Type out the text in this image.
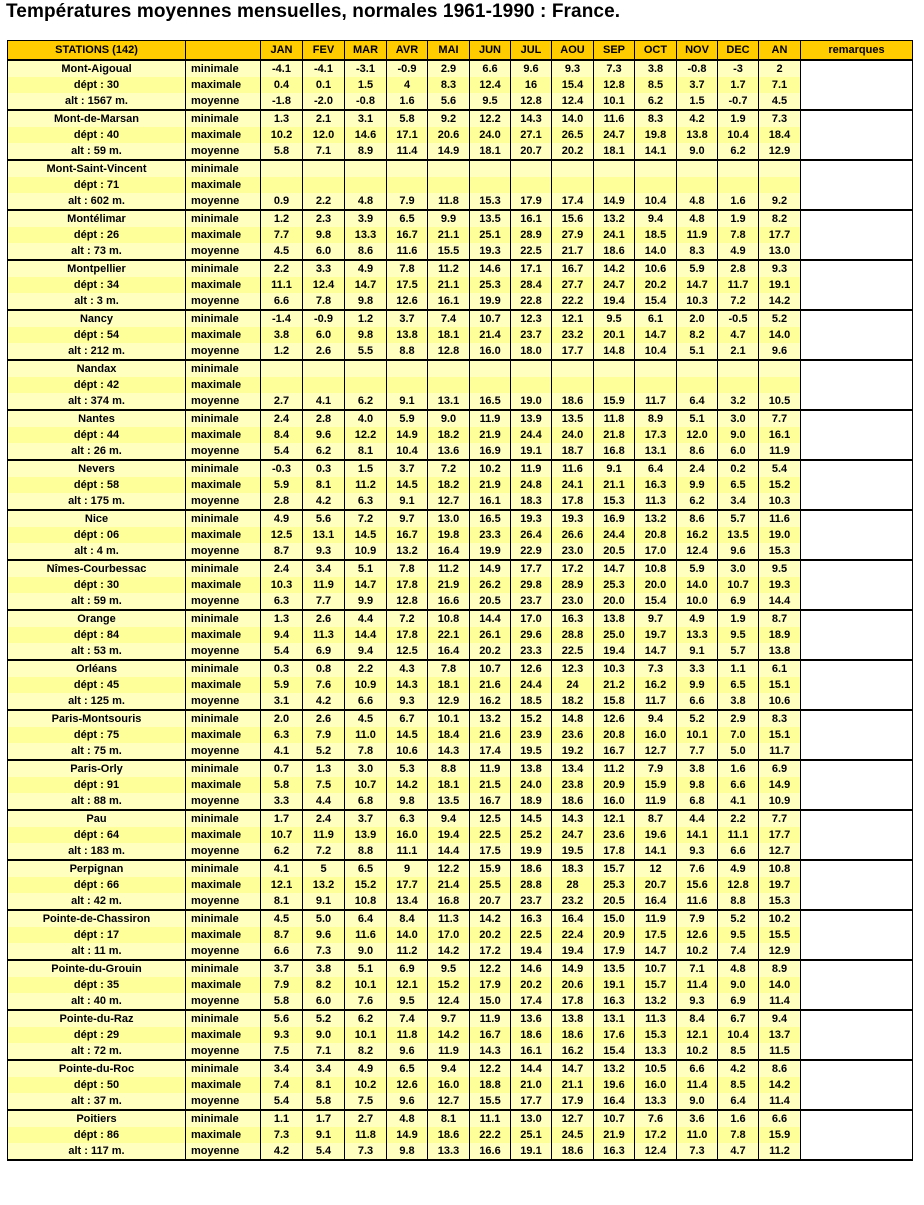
Températures moyennes mensuelles, normales 1961-1990 : France.
STATIONS (142)		JAN	FEV	MAR	AVR	MAI	JUN	JUL	AOU	SEP	OCT	NOV	DEC	AN	remarques
Mont-Aigoual	minimale	-4.1	-4.1	-3.1	-0.9	2.9	6.6	9.6	9.3	7.3	3.8	-0.8	-3	2	
dépt : 30	maximale	0.4	0.1	1.5	4	8.3	12.4	16	15.4	12.8	8.5	3.7	1.7	7.1	
alt : 1567 m.	moyenne	-1.8	-2.0	-0.8	1.6	5.6	9.5	12.8	12.4	10.1	6.2	1.5	-0.7	4.5	
Mont-de-Marsan	minimale	1.3	2.1	3.1	5.8	9.2	12.2	14.3	14.0	11.6	8.3	4.2	1.9	7.3	
dépt : 40	maximale	10.2	12.0	14.6	17.1	20.6	24.0	27.1	26.5	24.7	19.8	13.8	10.4	18.4	
alt : 59 m.	moyenne	5.8	7.1	8.9	11.4	14.9	18.1	20.7	20.2	18.1	14.1	9.0	6.2	12.9	
Mont-Saint-Vincent	minimale														
dépt : 71	maximale														
alt : 602 m.	moyenne	0.9	2.2	4.8	7.9	11.8	15.3	17.9	17.4	14.9	10.4	4.8	1.6	9.2	
Montélimar	minimale	1.2	2.3	3.9	6.5	9.9	13.5	16.1	15.6	13.2	9.4	4.8	1.9	8.2	
dépt : 26	maximale	7.7	9.8	13.3	16.7	21.1	25.1	28.9	27.9	24.1	18.5	11.9	7.8	17.7	
alt : 73 m.	moyenne	4.5	6.0	8.6	11.6	15.5	19.3	22.5	21.7	18.6	14.0	8.3	4.9	13.0	
Montpellier	minimale	2.2	3.3	4.9	7.8	11.2	14.6	17.1	16.7	14.2	10.6	5.9	2.8	9.3	
dépt : 34	maximale	11.1	12.4	14.7	17.5	21.1	25.3	28.4	27.7	24.7	20.2	14.7	11.7	19.1	
alt : 3 m.	moyenne	6.6	7.8	9.8	12.6	16.1	19.9	22.8	22.2	19.4	15.4	10.3	7.2	14.2	
Nancy	minimale	-1.4	-0.9	1.2	3.7	7.4	10.7	12.3	12.1	9.5	6.1	2.0	-0.5	5.2	
dépt : 54	maximale	3.8	6.0	9.8	13.8	18.1	21.4	23.7	23.2	20.1	14.7	8.2	4.7	14.0	
alt : 212 m.	moyenne	1.2	2.6	5.5	8.8	12.8	16.0	18.0	17.7	14.8	10.4	5.1	2.1	9.6	
Nandax	minimale														
dépt : 42	maximale														
alt : 374 m.	moyenne	2.7	4.1	6.2	9.1	13.1	16.5	19.0	18.6	15.9	11.7	6.4	3.2	10.5	
Nantes	minimale	2.4	2.8	4.0	5.9	9.0	11.9	13.9	13.5	11.8	8.9	5.1	3.0	7.7	
dépt : 44	maximale	8.4	9.6	12.2	14.9	18.2	21.9	24.4	24.0	21.8	17.3	12.0	9.0	16.1	
alt : 26 m.	moyenne	5.4	6.2	8.1	10.4	13.6	16.9	19.1	18.7	16.8	13.1	8.6	6.0	11.9	
Nevers	minimale	-0.3	0.3	1.5	3.7	7.2	10.2	11.9	11.6	9.1	6.4	2.4	0.2	5.4	
dépt : 58	maximale	5.9	8.1	11.2	14.5	18.2	21.9	24.8	24.1	21.1	16.3	9.9	6.5	15.2	
alt : 175 m.	moyenne	2.8	4.2	6.3	9.1	12.7	16.1	18.3	17.8	15.3	11.3	6.2	3.4	10.3	
Nice	minimale	4.9	5.6	7.2	9.7	13.0	16.5	19.3	19.3	16.9	13.2	8.6	5.7	11.6	
dépt : 06	maximale	12.5	13.1	14.5	16.7	19.8	23.3	26.4	26.6	24.4	20.8	16.2	13.5	19.0	
alt : 4 m.	moyenne	8.7	9.3	10.9	13.2	16.4	19.9	22.9	23.0	20.5	17.0	12.4	9.6	15.3	
Nîmes-Courbessac	minimale	2.4	3.4	5.1	7.8	11.2	14.9	17.7	17.2	14.7	10.8	5.9	3.0	9.5	
dépt : 30	maximale	10.3	11.9	14.7	17.8	21.9	26.2	29.8	28.9	25.3	20.0	14.0	10.7	19.3	
alt : 59 m.	moyenne	6.3	7.7	9.9	12.8	16.6	20.5	23.7	23.0	20.0	15.4	10.0	6.9	14.4	
Orange	minimale	1.3	2.6	4.4	7.2	10.8	14.4	17.0	16.3	13.8	9.7	4.9	1.9	8.7	
dépt : 84	maximale	9.4	11.3	14.4	17.8	22.1	26.1	29.6	28.8	25.0	19.7	13.3	9.5	18.9	
alt : 53 m.	moyenne	5.4	6.9	9.4	12.5	16.4	20.2	23.3	22.5	19.4	14.7	9.1	5.7	13.8	
Orléans	minimale	0.3	0.8	2.2	4.3	7.8	10.7	12.6	12.3	10.3	7.3	3.3	1.1	6.1	
dépt : 45	maximale	5.9	7.6	10.9	14.3	18.1	21.6	24.4	24	21.2	16.2	9.9	6.5	15.1	
alt : 125 m.	moyenne	3.1	4.2	6.6	9.3	12.9	16.2	18.5	18.2	15.8	11.7	6.6	3.8	10.6	
Paris-Montsouris	minimale	2.0	2.6	4.5	6.7	10.1	13.2	15.2	14.8	12.6	9.4	5.2	2.9	8.3	
dépt : 75	maximale	6.3	7.9	11.0	14.5	18.4	21.6	23.9	23.6	20.8	16.0	10.1	7.0	15.1	
alt : 75 m.	moyenne	4.1	5.2	7.8	10.6	14.3	17.4	19.5	19.2	16.7	12.7	7.7	5.0	11.7	
Paris-Orly	minimale	0.7	1.3	3.0	5.3	8.8	11.9	13.8	13.4	11.2	7.9	3.8	1.6	6.9	
dépt : 91	maximale	5.8	7.5	10.7	14.2	18.1	21.5	24.0	23.8	20.9	15.9	9.8	6.6	14.9	
alt : 88 m.	moyenne	3.3	4.4	6.8	9.8	13.5	16.7	18.9	18.6	16.0	11.9	6.8	4.1	10.9	
Pau	minimale	1.7	2.4	3.7	6.3	9.4	12.5	14.5	14.3	12.1	8.7	4.4	2.2	7.7	
dépt : 64	maximale	10.7	11.9	13.9	16.0	19.4	22.5	25.2	24.7	23.6	19.6	14.1	11.1	17.7	
alt : 183 m.	moyenne	6.2	7.2	8.8	11.1	14.4	17.5	19.9	19.5	17.8	14.1	9.3	6.6	12.7	
Perpignan	minimale	4.1	5	6.5	9	12.2	15.9	18.6	18.3	15.7	12	7.6	4.9	10.8	
dépt : 66	maximale	12.1	13.2	15.2	17.7	21.4	25.5	28.8	28	25.3	20.7	15.6	12.8	19.7	
alt : 42 m.	moyenne	8.1	9.1	10.8	13.4	16.8	20.7	23.7	23.2	20.5	16.4	11.6	8.8	15.3	
Pointe-de-Chassiron	minimale	4.5	5.0	6.4	8.4	11.3	14.2	16.3	16.4	15.0	11.9	7.9	5.2	10.2	
dépt : 17	maximale	8.7	9.6	11.6	14.0	17.0	20.2	22.5	22.4	20.9	17.5	12.6	9.5	15.5	
alt : 11 m.	moyenne	6.6	7.3	9.0	11.2	14.2	17.2	19.4	19.4	17.9	14.7	10.2	7.4	12.9	
Pointe-du-Grouin	minimale	3.7	3.8	5.1	6.9	9.5	12.2	14.6	14.9	13.5	10.7	7.1	4.8	8.9	
dépt : 35	maximale	7.9	8.2	10.1	12.1	15.2	17.9	20.2	20.6	19.1	15.7	11.4	9.0	14.0	
alt : 40 m.	moyenne	5.8	6.0	7.6	9.5	12.4	15.0	17.4	17.8	16.3	13.2	9.3	6.9	11.4	
Pointe-du-Raz	minimale	5.6	5.2	6.2	7.4	9.7	11.9	13.6	13.8	13.1	11.3	8.4	6.7	9.4	
dépt : 29	maximale	9.3	9.0	10.1	11.8	14.2	16.7	18.6	18.6	17.6	15.3	12.1	10.4	13.7	
alt : 72 m.	moyenne	7.5	7.1	8.2	9.6	11.9	14.3	16.1	16.2	15.4	13.3	10.2	8.5	11.5	
Pointe-du-Roc	minimale	3.4	3.4	4.9	6.5	9.4	12.2	14.4	14.7	13.2	10.5	6.6	4.2	8.6	
dépt : 50	maximale	7.4	8.1	10.2	12.6	16.0	18.8	21.0	21.1	19.6	16.0	11.4	8.5	14.2	
alt : 37 m.	moyenne	5.4	5.8	7.5	9.6	12.7	15.5	17.7	17.9	16.4	13.3	9.0	6.4	11.4	
Poitiers	minimale	1.1	1.7	2.7	4.8	8.1	11.1	13.0	12.7	10.7	7.6	3.6	1.6	6.6	
dépt : 86	maximale	7.3	9.1	11.8	14.9	18.6	22.2	25.1	24.5	21.9	17.2	11.0	7.8	15.9	
alt : 117 m.	moyenne	4.2	5.4	7.3	9.8	13.3	16.6	19.1	18.6	16.3	12.4	7.3	4.7	11.2	
